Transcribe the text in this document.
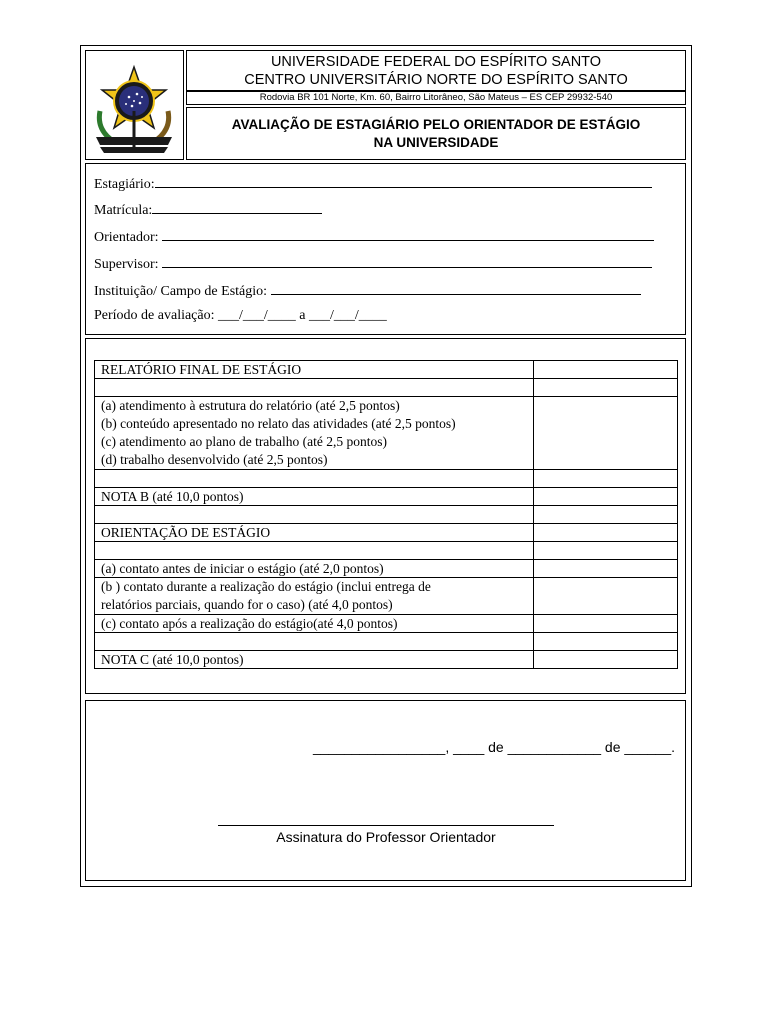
UNIVERSIDADE FEDERAL DO ESPÍRITO SANTO
CENTRO UNIVERSITÁRIO NORTE DO ESPÍRITO SANTO
Rodovia BR 101 Norte, Km. 60, Bairro Litorâneo, São Mateus – ES CEP 29932-540
AVALIAÇÃO DE ESTAGIÁRIO PELO ORIENTADOR DE ESTÁGIO
NA UNIVERSIDADE
Estagiário:
Matrícula:
Orientador:
Supervisor:
Instituição/ Campo de Estágio:
Período de avaliação: ___/___/____ a ___/___/____
RELATÓRIO FINAL DE ESTÁGIO	

(a) atendimento à estrutura do relatório (até 2,5 pontos)
(b) conteúdo apresentado no relato das atividades (até 2,5 pontos)
(c) atendimento ao plano de trabalho (até 2,5 pontos)
(d) trabalho desenvolvido (até 2,5 pontos)	

NOTA B (até 10,0 pontos)	

ORIENTAÇÃO DE ESTÁGIO	

(a) contato antes de iniciar o estágio (até 2,0 pontos)	

(b ) contato durante a realização do estágio (inclui entrega de
relatórios parciais, quando for o caso) (até 4,0 pontos)	

(c) contato após a realização do estágio(até 4,0 pontos)	

NOTA C (até 10,0 pontos)	
_________________, ____ de ____________ de ______.
Assinatura do Professor Orientador
